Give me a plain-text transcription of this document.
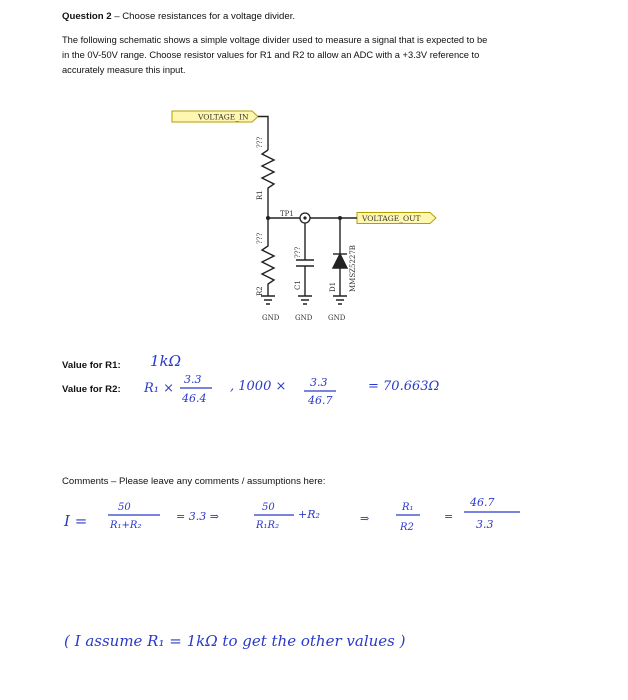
Question 2 – Choose resistances for a voltage divider.
The following schematic shows a simple voltage divider used to measure a signal that is expected to be
in the 0V-50V range. Choose resistor values for R1 and R2 to allow an ADC with a +3.3V reference to
accurately measure this input.
VOLTAGE_IN
VOLTAGE_OUT
TP1
???
R1
???
R2
???
C1	MMSZ5227B
D1
GND GND GND
Value for R1:
Value for R2:
1kΩ
R₁ ×
3.3
46.4
, 1000 × 3.3
46.7
= 70.663Ω
Comments – Please leave any comments / assumptions here:
I =
50
R₁+R₂
= 3.3 ⇒
50
R₁R₂
+R₂	⇒
R₁
R2
=
46.7
3.3
( I assume R₁ = 1kΩ to get the other values )
